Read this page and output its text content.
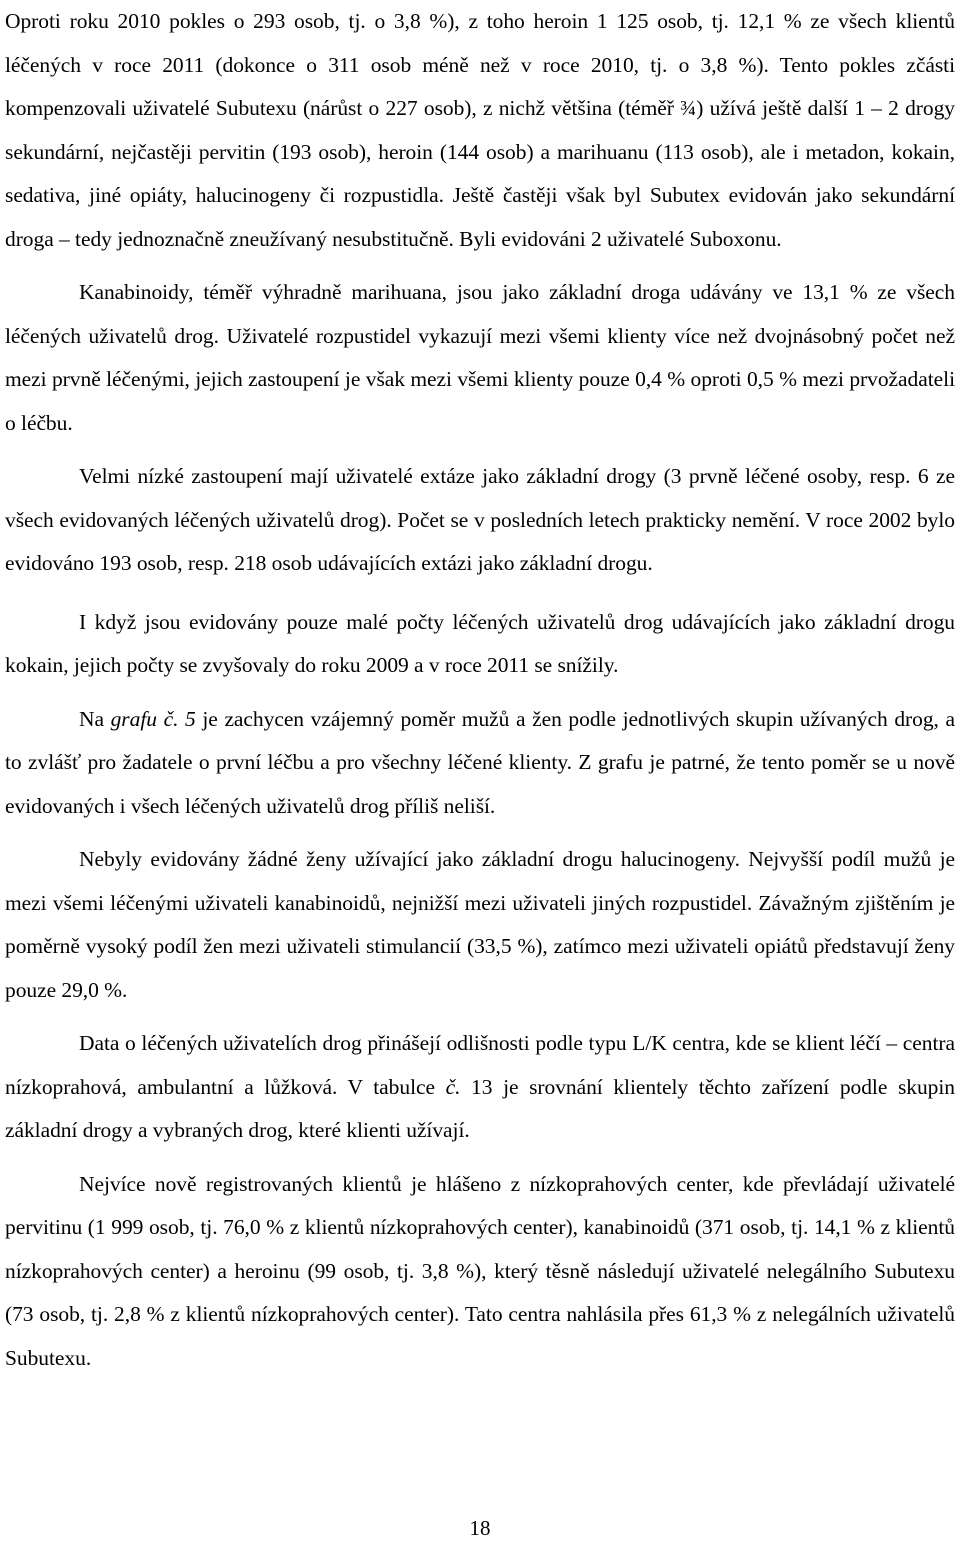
Oproti roku 2010 pokles o 293 osob, tj. o 3,8 %), z toho heroin 1 125 osob, tj. 12,1 % ze všech klientů léčených v roce 2011 (dokonce o 311 osob méně než v roce 2010, tj. o 3,8 %). Tento pokles zčásti kompenzovali uživatelé Subutexu (nárůst o 227 osob), z nichž většina (téměř ¾) užívá ještě další 1 – 2 drogy sekundární, nejčastěji pervitin (193 osob), heroin (144 osob) a marihuanu (113 osob), ale i metadon, kokain, sedativa, jiné opiáty, halucinogeny či rozpustidla. Ještě častěji však byl Subutex evidován jako sekundární droga – tedy jednoznačně zneužívaný nesubstitučně. Byli evidováni 2 uživatelé Suboxonu.

Kanabinoidy, téměř výhradně marihuana, jsou jako základní droga udávány ve 13,1 % ze všech léčených uživatelů drog. Uživatelé rozpustidel vykazují mezi všemi klienty více než dvojnásobný počet než mezi prvně léčenými, jejich zastoupení je však mezi všemi klienty pouze 0,4 % oproti 0,5 % mezi prvožadateli o léčbu.

Velmi nízké zastoupení mají uživatelé extáze jako základní drogy (3 prvně léčené osoby, resp. 6 ze všech evidovaných léčených uživatelů drog). Počet se v posledních letech prakticky nemění. V roce 2002 bylo evidováno 193 osob, resp. 218 osob udávajících extázi jako základní drogu.

I když jsou evidovány pouze malé počty léčených uživatelů drog udávajících jako základní drogu kokain, jejich počty se zvyšovaly do roku 2009 a v roce 2011 se snížily.

Na grafu č. 5 je zachycen vzájemný poměr mužů a žen podle jednotlivých skupin užívaných drog, a to zvlášť pro žadatele o první léčbu a pro všechny léčené klienty. Z grafu je patrné, že tento poměr se u nově evidovaných i všech léčených uživatelů drog příliš neliší.

Nebyly evidovány žádné ženy užívající jako základní drogu halucinogeny. Nejvyšší podíl mužů je mezi všemi léčenými uživateli kanabinoidů, nejnižší mezi uživateli jiných rozpustidel. Závažným zjištěním je poměrně vysoký podíl žen mezi uživateli stimulancií (33,5 %), zatímco mezi uživateli opiátů představují ženy pouze 29,0 %.

Data o léčených uživatelích drog přinášejí odlišnosti podle typu L/K centra, kde se klient léčí – centra nízkoprahová, ambulantní a lůžková. V tabulce č. 13 je srovnání klientely těchto zařízení podle skupin základní drogy a vybraných drog, které klienti užívají.

Nejvíce nově registrovaných klientů je hlášeno z nízkoprahových center, kde převládají uživatelé pervitinu (1 999 osob, tj. 76,0 % z klientů nízkoprahových center), kanabinoidů (371 osob, tj. 14,1 % z klientů nízkoprahových center) a heroinu (99 osob, tj. 3,8 %), který těsně následují uživatelé nelegálního Subutexu (73 osob, tj. 2,8 % z klientů nízkoprahových center). Tato centra nahlásila přes 61,3 % z nelegálních uživatelů Subutexu.

18
